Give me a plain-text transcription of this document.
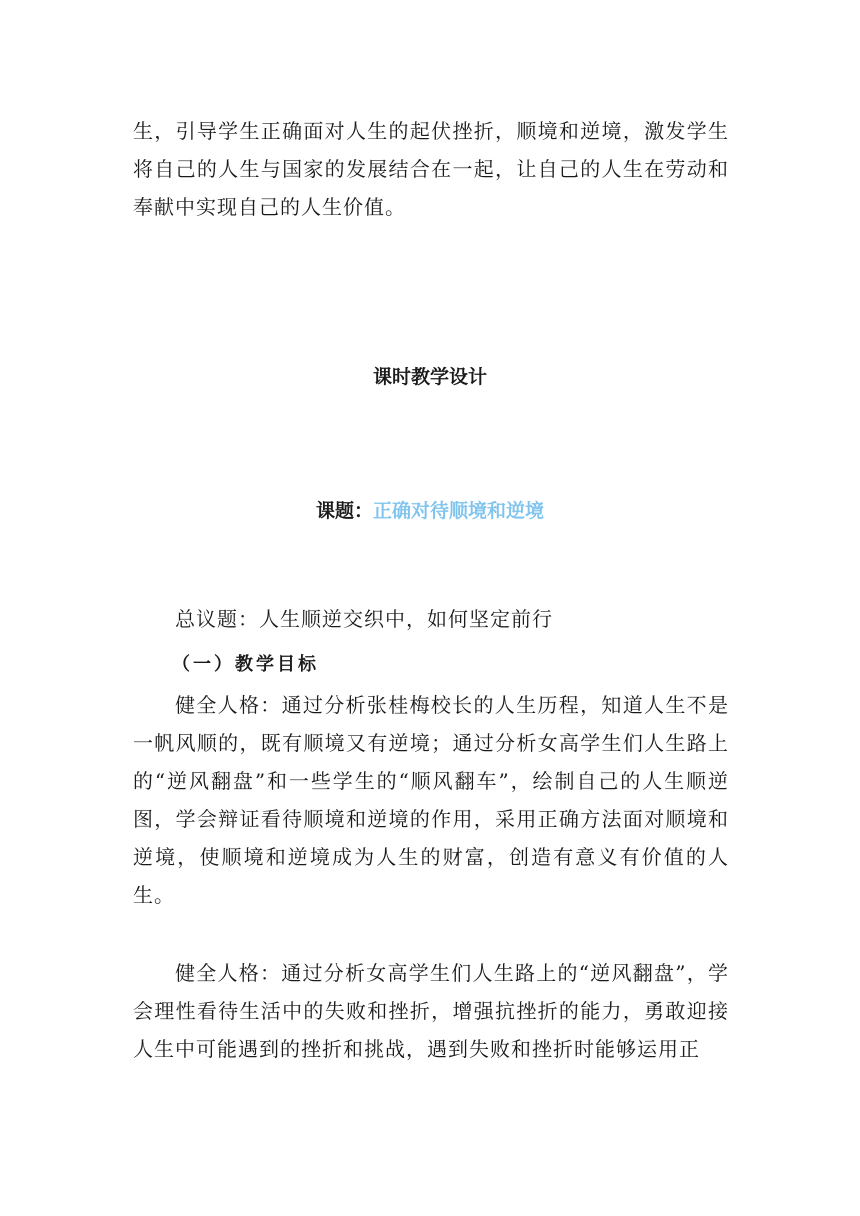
生，引导学生正确面对人生的起伏挫折，顺境和逆境，激发学生将自己的人生与国家的发展结合在一起，让自己的人生在劳动和奉献中实现自己的人生价值。

课时教学设计
课题：正确对待顺境和逆境

总议题：人生顺逆交织中，如何坚定前行

（一）教学目标

健全人格：通过分析张桂梅校长的人生历程，知道人生不是一帆风顺的，既有顺境又有逆境；通过分析女高学生们人生路上的“逆风翻盘”和一些学生的“顺风翻车”，绘制自己的人生顺逆图，学会辩证看待顺境和逆境的作用，采用正确方法面对顺境和逆境，使顺境和逆境成为人生的财富，创造有意义有价值的人生。

健全人格：通过分析女高学生们人生路上的“逆风翻盘”，学会理性看待生活中的失败和挫折，增强抗挫折的能力，勇敢迎接人生中可能遇到的挫折和挑战，遇到失败和挫折时能够运用正
